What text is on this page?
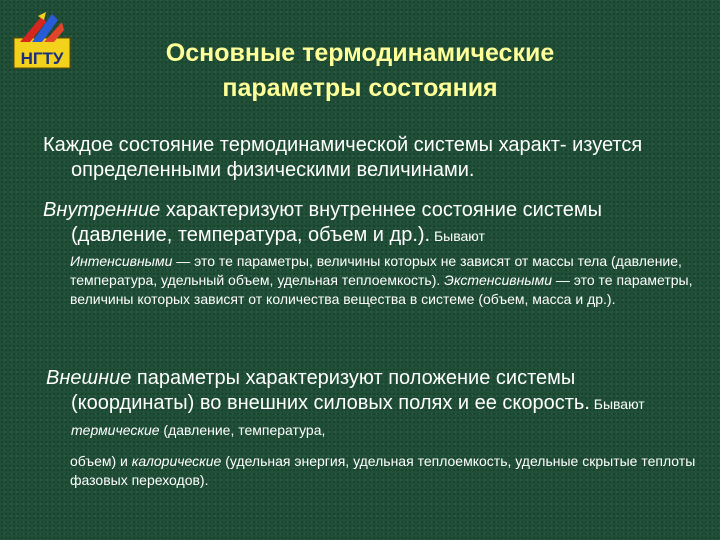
НГТУ	Основные термодинамические
параметры состояния

Каждое состояние термодинамической системы характ- изуется определенными физическими величинами.

Внутренние характеризуют внутреннее состояние системы (давление, температура, объем и др.). Бывают

Интенсивными — это те параметры, величины которых не зависят от массы тела (давление, температура, удельный объем, удельная теплоемкость). Экстенсивными — это те параметры, величины которых зависят от количества вещества в системе (объем, масса и др.).

Внешние параметры характеризуют положение системы (координаты) во внешних силовых полях и ее скорость. Бывают термические (давление, температура,

объем) и калорические (удельная энергия, удельная теплоемкость, удельные скрытые теплоты фазовых переходов).
